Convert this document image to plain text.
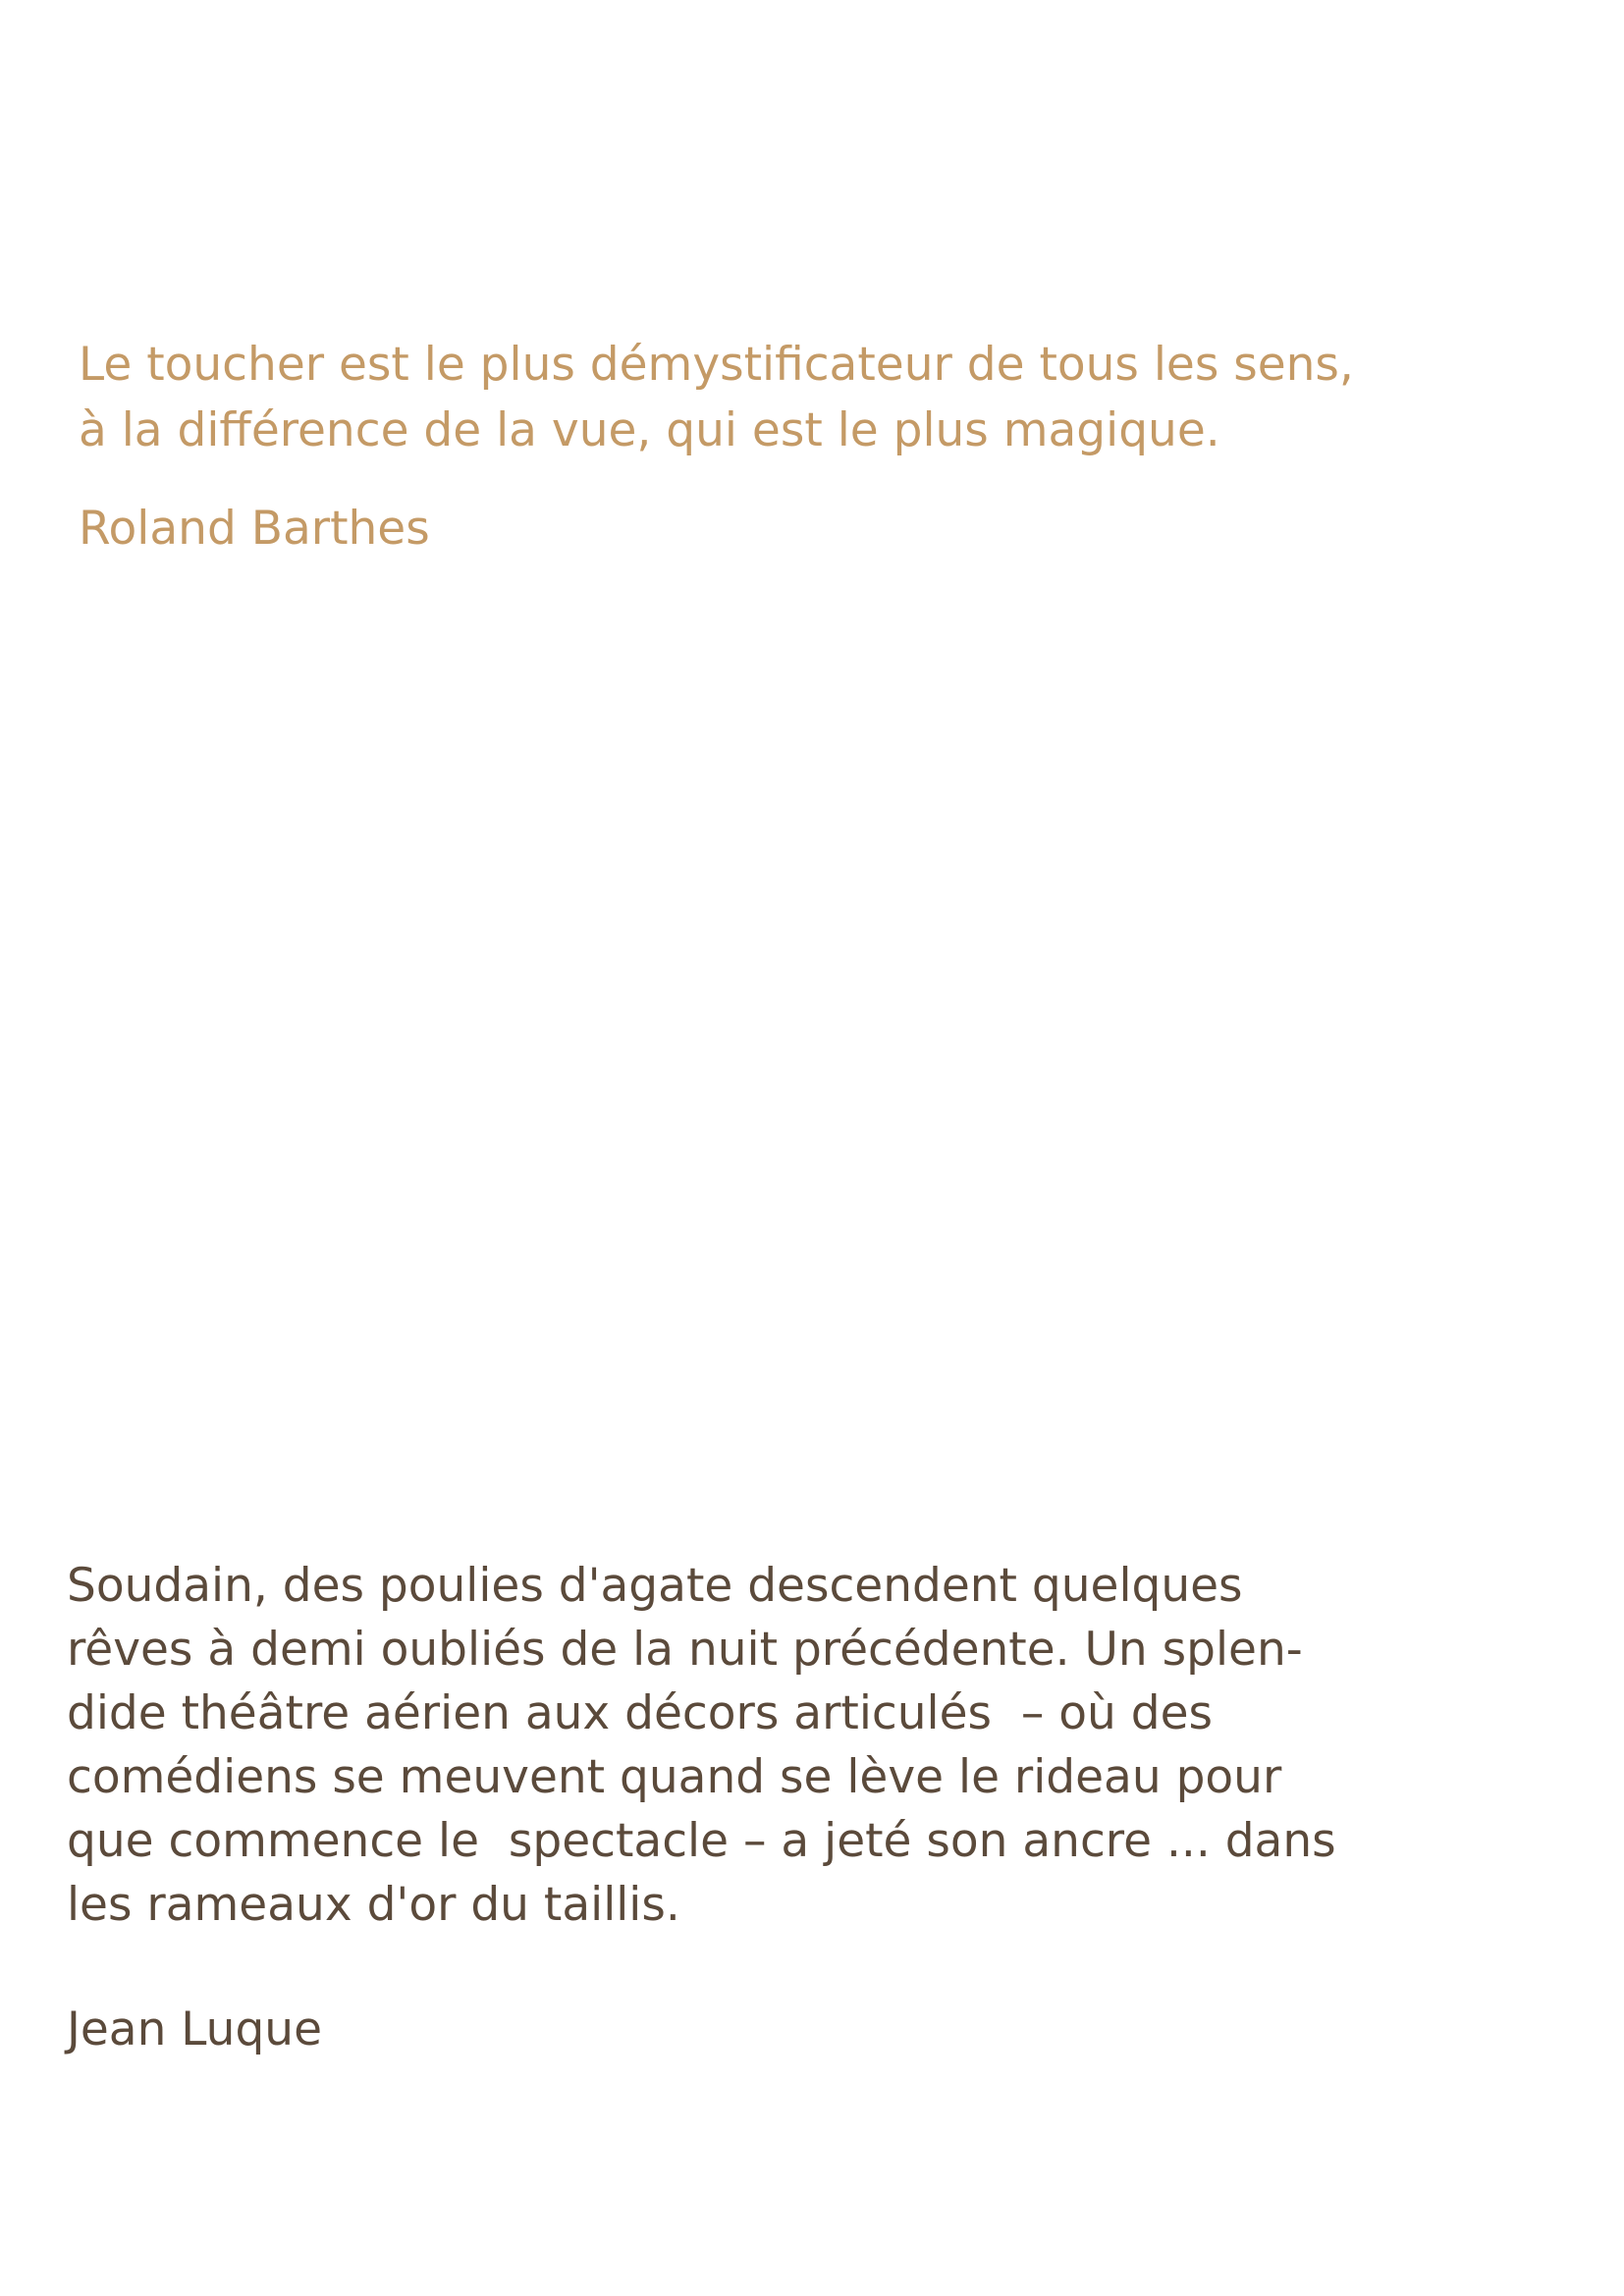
Le toucher est le plus démystificateur de tous les sens,
à la différence de la vue, qui est le plus magique.

Roland Barthes

Soudain, des poulies d'agate descendent quelques
rêves à demi oubliés de la nuit précédente. Un splen-
dide théâtre aérien aux décors articulés  – où des
comédiens se meuvent quand se lève le rideau pour
que commence le  spectacle – a jeté son ancre ... dans
les rameaux d'or du taillis.

Jean Luque
